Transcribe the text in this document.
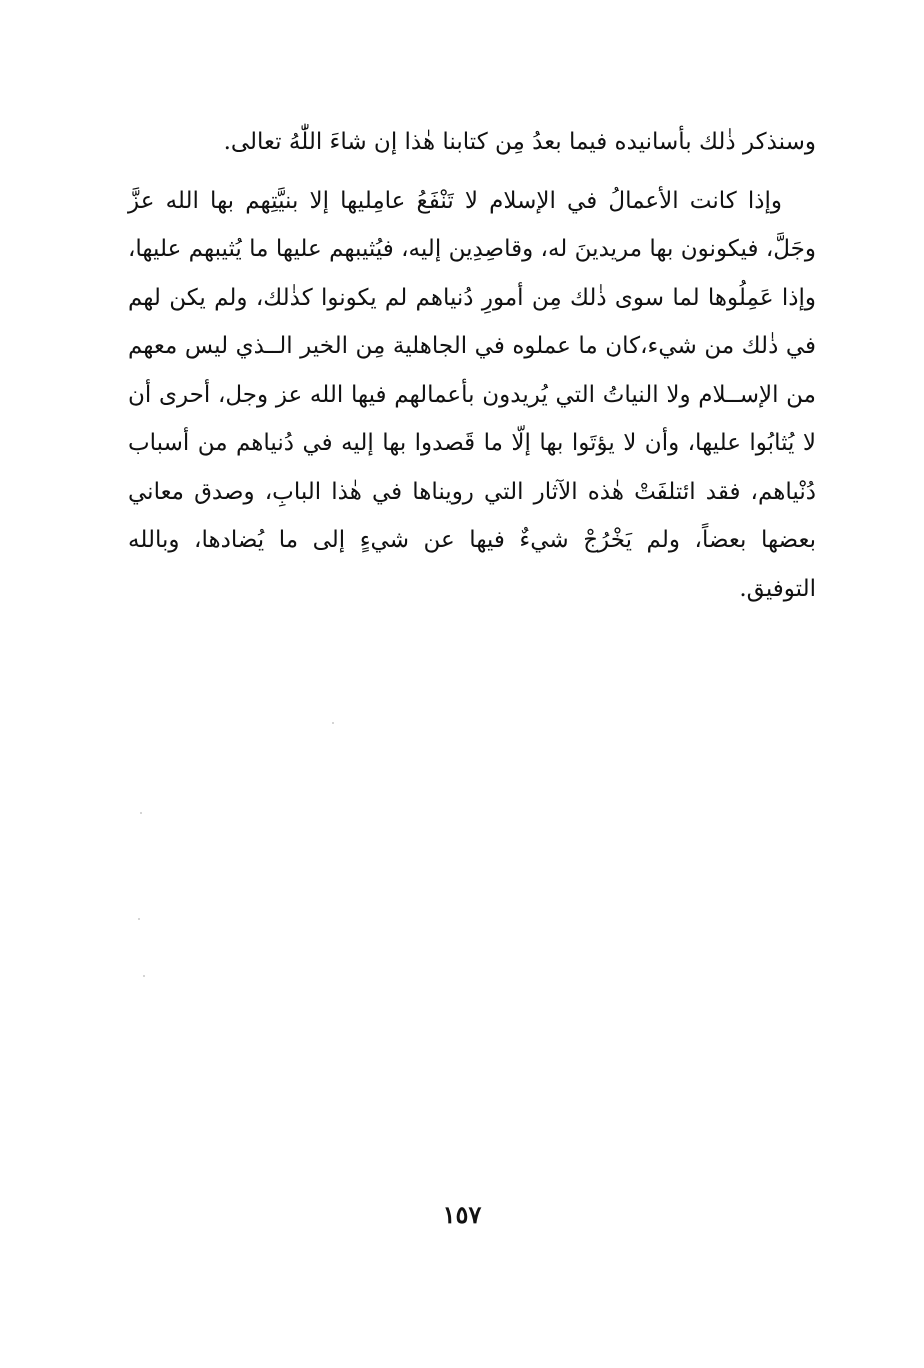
وسنذكر ذٰلك بأسانيده فيما بعدُ مِن كتابنا هٰذا إن شاءَ اللّٰهُ تعالى.

وإذا كانت الأعمالُ في الإسلام لا تَنْفَعُ عامِليها إلا بنيَّتِهم بها الله عزَّ وجَلَّ، فيكونون بها مريدينَ له، وقاصِدِين إليه، فيُثيبهم عليها ما يُثيبهم عليها، وإذا عَمِلُوها لما سوى ذٰلك مِن أمورِ دُنياهم لم يكونوا كذٰلك، ولم يكن لهم في ذٰلك من شيء،كان ما عملوه في الجاهلية مِن الخير الــذي ليس معهم من الإســلام ولا النياتُ التي يُريدون بأعمالهم فيها الله عز وجل، أحرى أن لا يُثابُوا عليها، وأن لا يؤتَوا بها إلّا ما قَصدوا بها إليه في دُنياهم من أسباب دُنْياهم، فقد ائتلفَتْ هٰذه الآثار التي رويناها في هٰذا البابِ، وصدق معاني بعضها بعضاً، ولم يَخْرُجْ شيءٌ فيها عن شيءٍ إلى ما يُضادها، وبالله التوفيق.

١٥٧
